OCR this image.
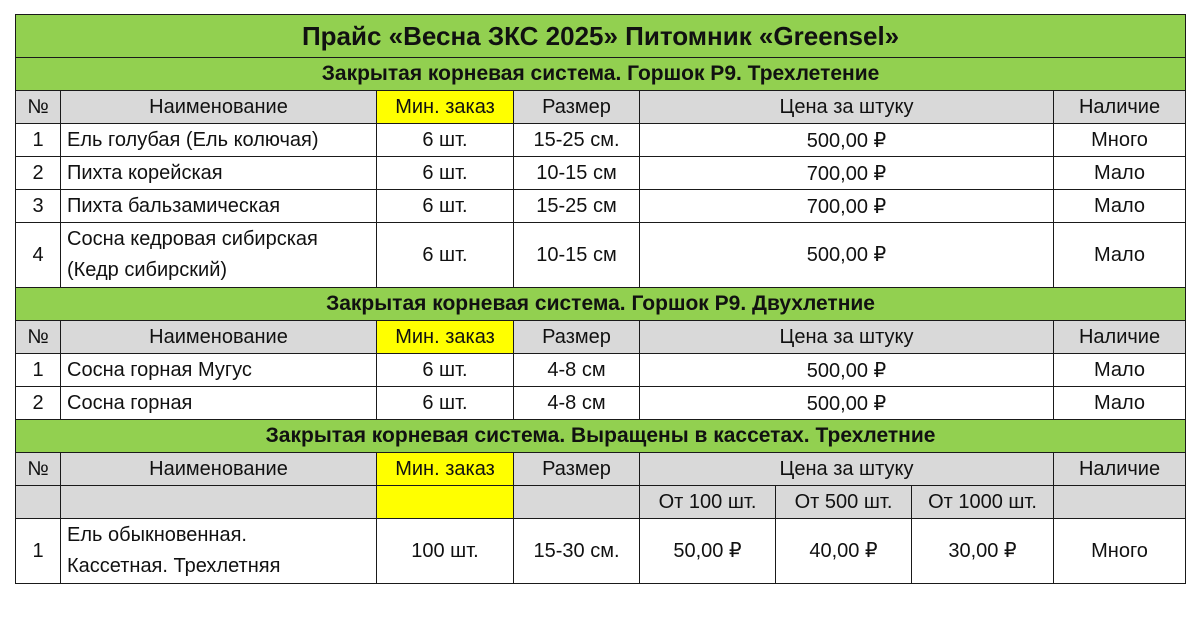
Прайс «Весна ЗКС 2025» Питомник «Greensel»							
Закрытая корневая система. Горшок Р9. Трехлетение							
№	Наименование	Мин. заказ	Размер	Цена за штуку			Наличие
1	Ель голубая (Ель колючая)	6 шт.	15-25 см.	500,00 ₽			Много
2	Пихта корейская	6 шт.	10-15 см	700,00 ₽			Мало
3	Пихта бальзамическая	6 шт.	15-25 см	700,00 ₽			Мало
4	Сосна кедровая сибирская
(Кедр сибирский)	6 шт.	10-15 см	500,00 ₽			Мало
Закрытая корневая система. Горшок Р9. Двухлетние							
№	Наименование	Мин. заказ	Размер	Цена за штуку			Наличие
1	Сосна горная Мугус	6 шт.	4-8 см	500,00 ₽			Мало
2	Сосна горная	6 шт.	4-8 см	500,00 ₽			Мало
Закрытая корневая система. Выращены в кассетах. Трехлетние							
№	Наименование	Мин. заказ	Размер	Цена за штуку			Наличие
				От 100 шт.	От 500 шт.	От 1000 шт.	
1	Ель обыкновенная.
Кассетная. Трехлетняя	100 шт.	15-30 см.	50,00 ₽	40,00 ₽	30,00 ₽	Много
